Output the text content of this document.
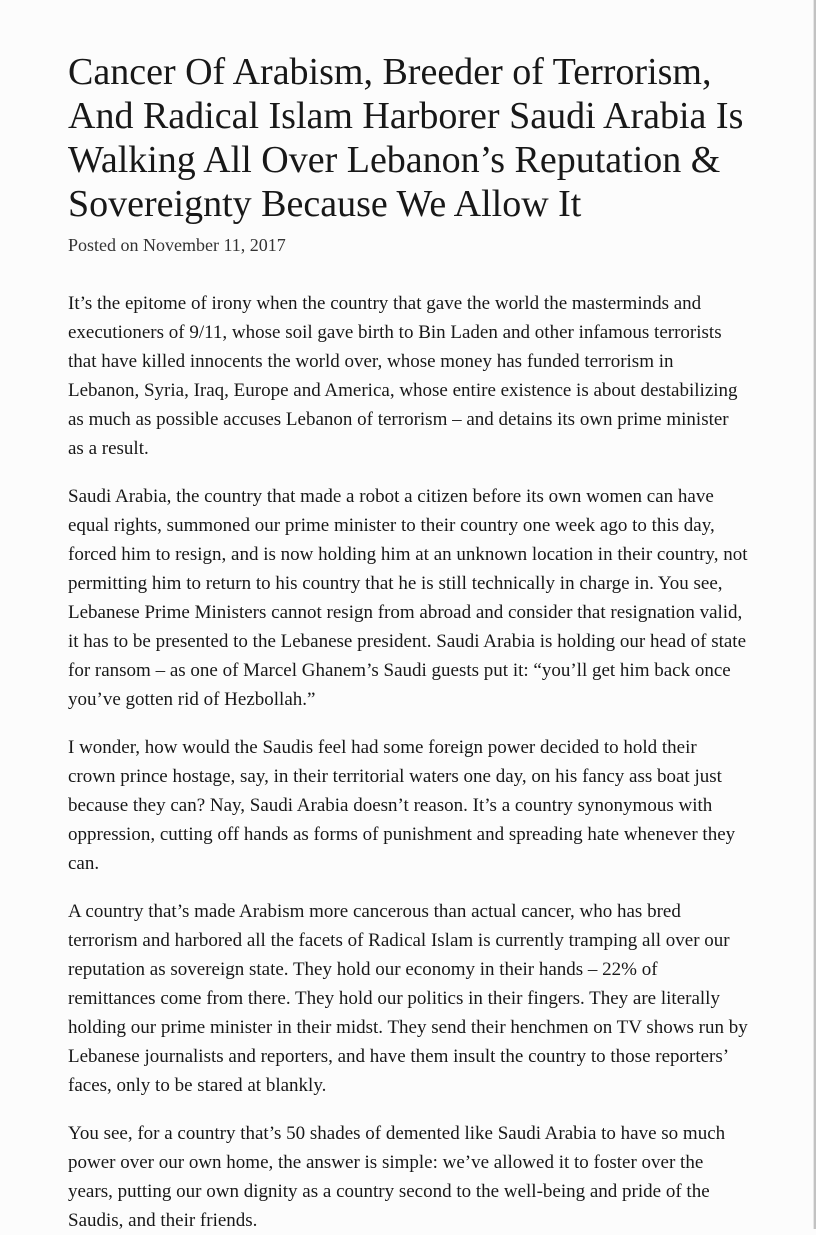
Cancer Of Arabism, Breeder of Terrorism, And Radical Islam Harborer Saudi Arabia Is Walking All Over Lebanon’s Reputation & Sovereignty Because We Allow It

Posted on November 11, 2017

It’s the epitome of irony when the country that gave the world the masterminds and executioners of 9/11, whose soil gave birth to Bin Laden and other infamous terrorists that have killed innocents the world over, whose money has funded terrorism in Lebanon, Syria, Iraq, Europe and America, whose entire existence is about destabilizing as much as possible accuses Lebanon of terrorism – and detains its own prime minister as a result.

Saudi Arabia, the country that made a robot a citizen before its own women can have equal rights, summoned our prime minister to their country one week ago to this day, forced him to resign, and is now holding him at an unknown location in their country, not permitting him to return to his country that he is still technically in charge in. You see, Lebanese Prime Ministers cannot resign from abroad and consider that resignation valid, it has to be presented to the Lebanese president. Saudi Arabia is holding our head of state for ransom – as one of Marcel Ghanem’s Saudi guests put it: “you’ll get him back once you’ve gotten rid of Hezbollah.”

I wonder, how would the Saudis feel had some foreign power decided to hold their crown prince hostage, say, in their territorial waters one day, on his fancy ass boat just because they can? Nay, Saudi Arabia doesn’t reason. It’s a country synonymous with oppression, cutting off hands as forms of punishment and spreading hate whenever they can.

A country that’s made Arabism more cancerous than actual cancer, who has bred terrorism and harbored all the facets of Radical Islam is currently tramping all over our reputation as sovereign state. They hold our economy in their hands – 22% of remittances come from there. They hold our politics in their fingers. They are literally holding our prime minister in their midst. They send their henchmen on TV shows run by Lebanese journalists and reporters, and have them insult the country to those reporters’ faces, only to be stared at blankly.

You see, for a country that’s 50 shades of demented like Saudi Arabia to have so much power over our own home, the answer is simple: we’ve allowed it to foster over the years, putting our own dignity as a country second to the well-being and pride of the Saudis, and their friends.
